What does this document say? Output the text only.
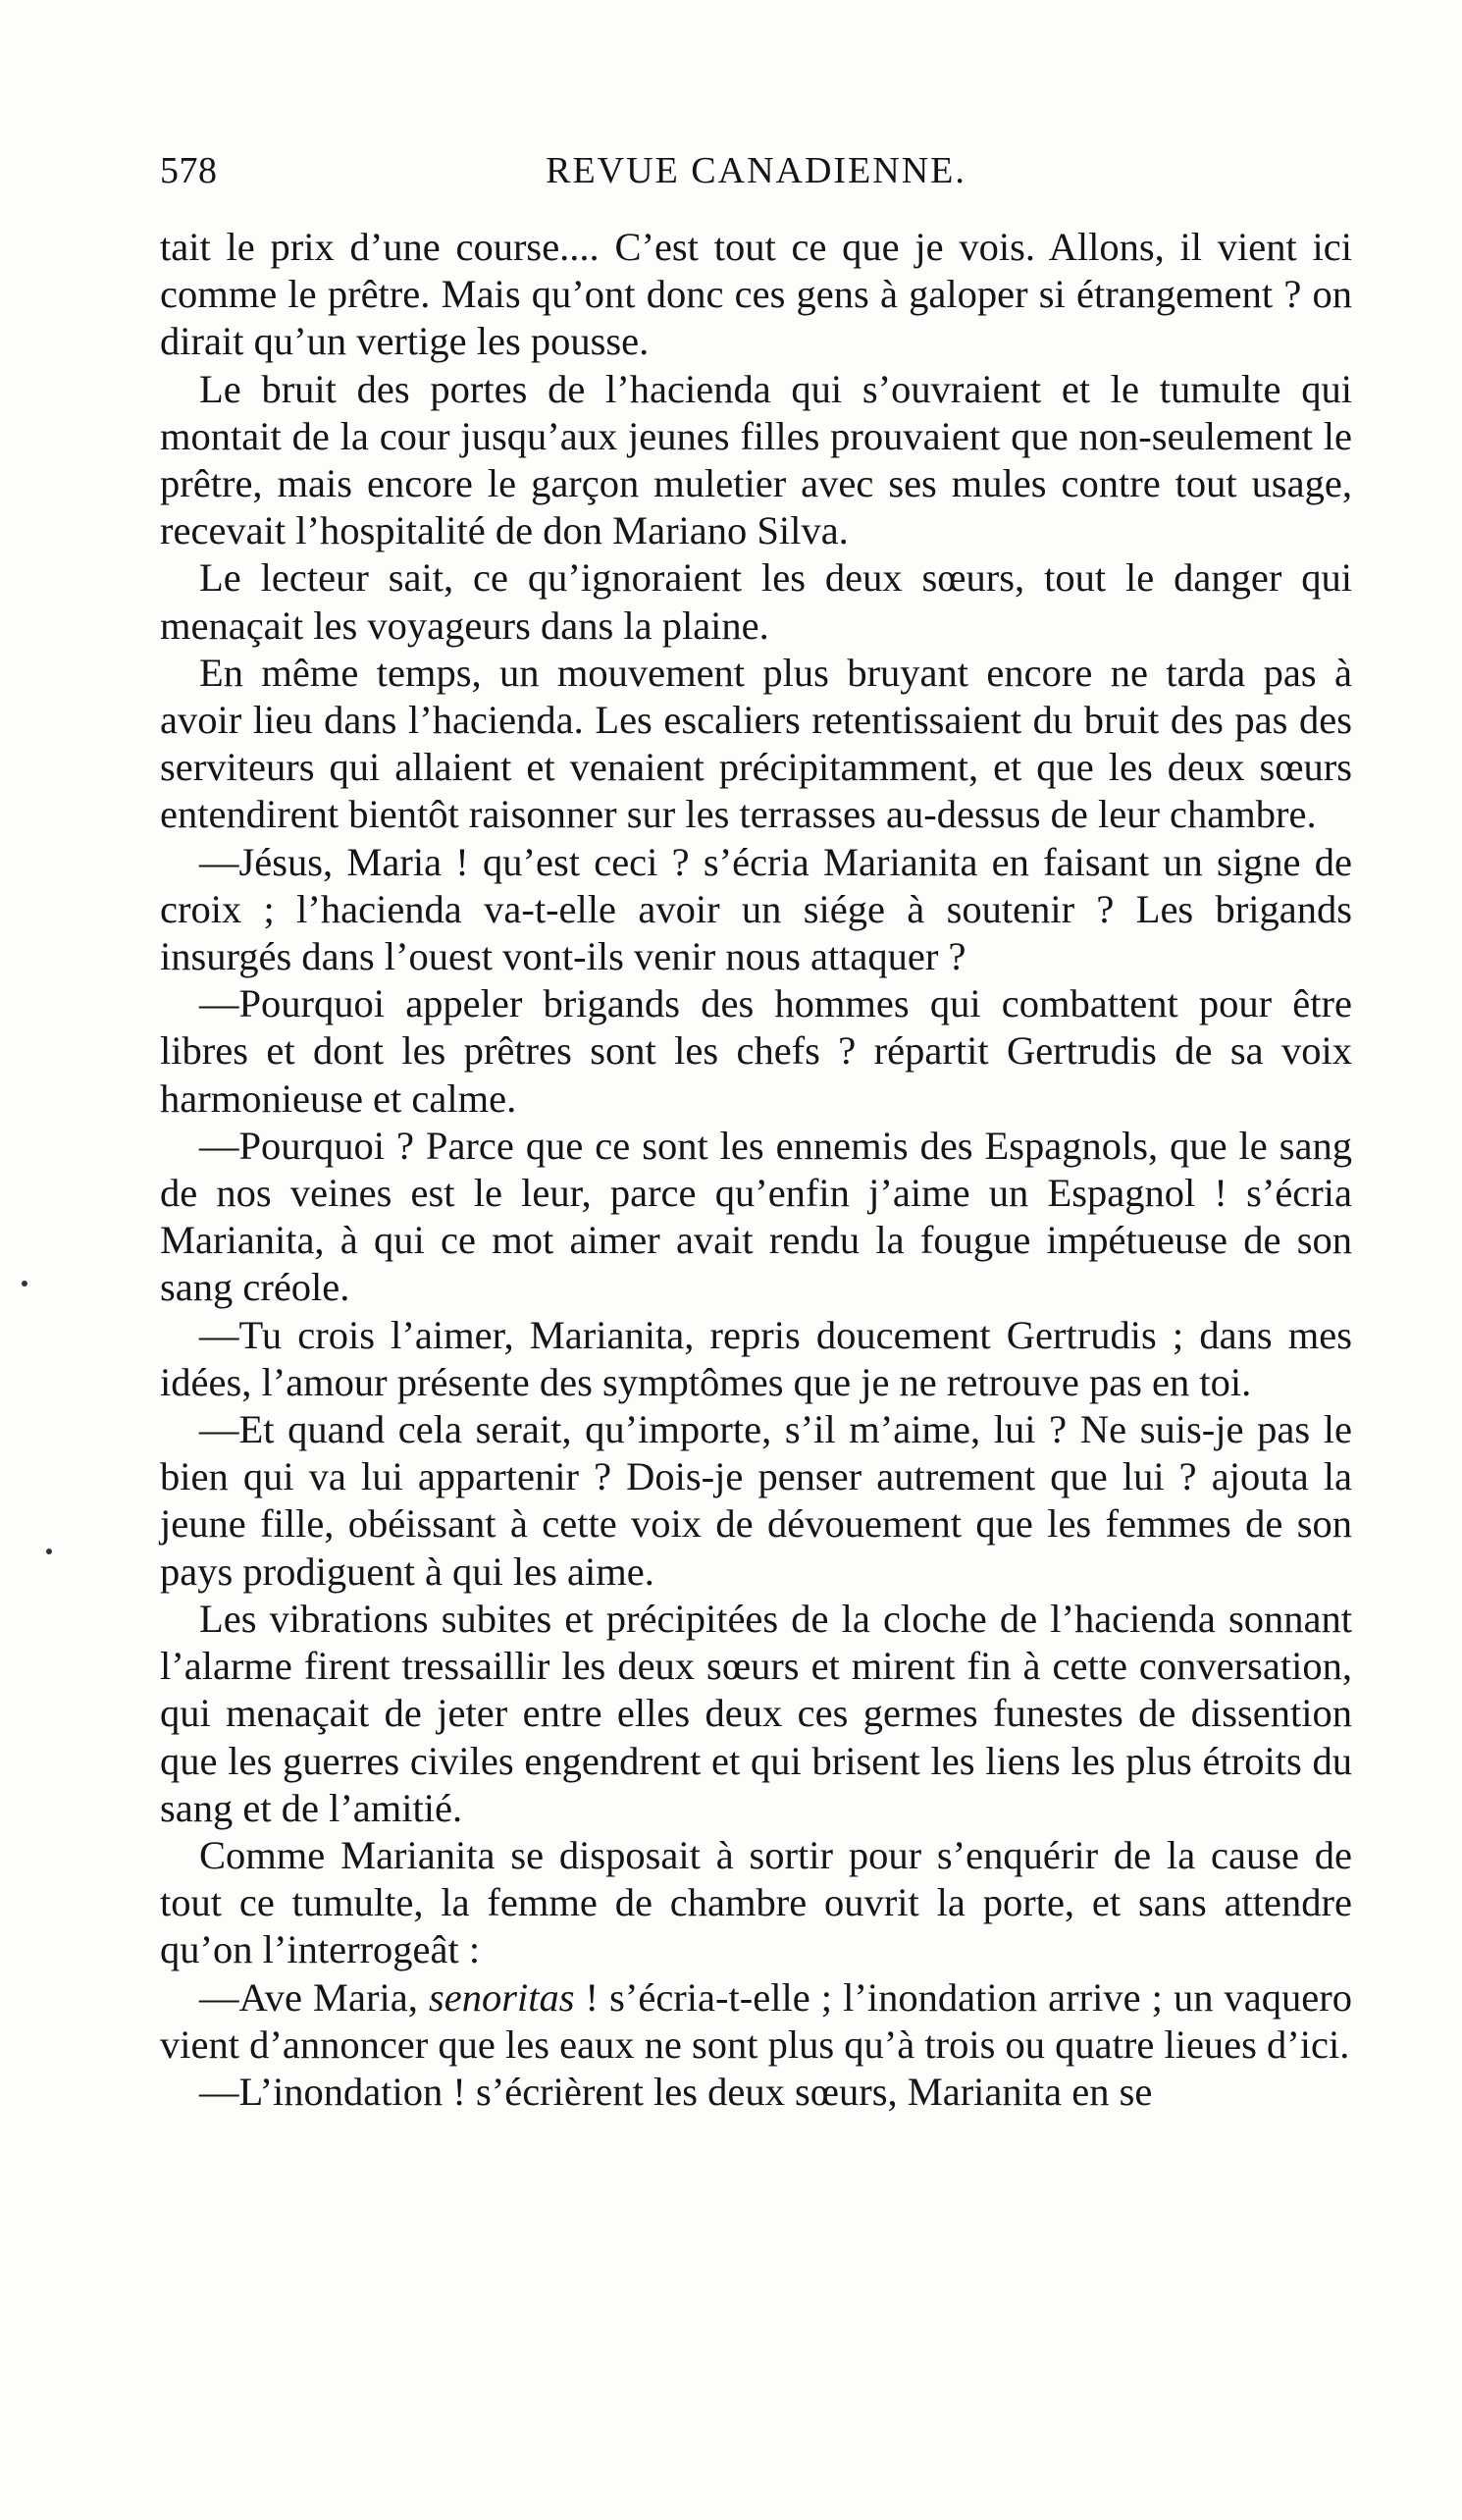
578	REVUE CANADIENNE.

tait le prix d’une course.... C’est tout ce que je vois. Allons, il vient ici comme le prêtre. Mais qu’ont donc ces gens à galoper si étrangement ? on dirait qu’un vertige les pousse.

Le bruit des portes de l’hacienda qui s’ouvraient et le tumulte qui montait de la cour jusqu’aux jeunes filles prouvaient que non-seulement le prêtre, mais encore le garçon muletier avec ses mules contre tout usage, recevait l’hospitalité de don Mariano Silva.

Le lecteur sait, ce qu’ignoraient les deux sœurs, tout le danger qui menaçait les voyageurs dans la plaine.

En même temps, un mouvement plus bruyant encore ne tarda pas à avoir lieu dans l’hacienda. Les escaliers retentissaient du bruit des pas des serviteurs qui allaient et venaient précipitamment, et que les deux sœurs entendirent bientôt raisonner sur les terrasses au-dessus de leur chambre.

—Jésus, Maria ! qu’est ceci ? s’écria Marianita en faisant un signe de croix ; l’hacienda va-t-elle avoir un siége à soutenir ? Les brigands insurgés dans l’ouest vont-ils venir nous attaquer ?

—Pourquoi appeler brigands des hommes qui combattent pour être libres et dont les prêtres sont les chefs ? répartit Gertrudis de sa voix harmonieuse et calme.

—Pourquoi ? Parce que ce sont les ennemis des Espagnols, que le sang de nos veines est le leur, parce qu’enfin j’aime un Espagnol ! s’écria Marianita, à qui ce mot aimer avait rendu la fougue impétueuse de son sang créole.

—Tu crois l’aimer, Marianita, repris doucement Gertrudis ; dans mes idées, l’amour présente des symptômes que je ne retrouve pas en toi.

—Et quand cela serait, qu’importe, s’il m’aime, lui ? Ne suis-je pas le bien qui va lui appartenir ? Dois-je penser autrement que lui ? ajouta la jeune fille, obéissant à cette voix de dévouement que les femmes de son pays prodiguent à qui les aime.

Les vibrations subites et précipitées de la cloche de l’hacienda sonnant l’alarme firent tressaillir les deux sœurs et mirent fin à cette conversation, qui menaçait de jeter entre elles deux ces germes funestes de dissention que les guerres civiles engendrent et qui brisent les liens les plus étroits du sang et de l’amitié.

Comme Marianita se disposait à sortir pour s’enquérir de la cause de tout ce tumulte, la femme de chambre ouvrit la porte, et sans attendre qu’on l’interrogeât :

—Ave Maria, senoritas ! s’écria-t-elle ; l’inondation arrive ; un vaquero vient d’annoncer que les eaux ne sont plus qu’à trois ou quatre lieues d’ici.

—L’inondation ! s’écrièrent les deux sœurs, Marianita en se
